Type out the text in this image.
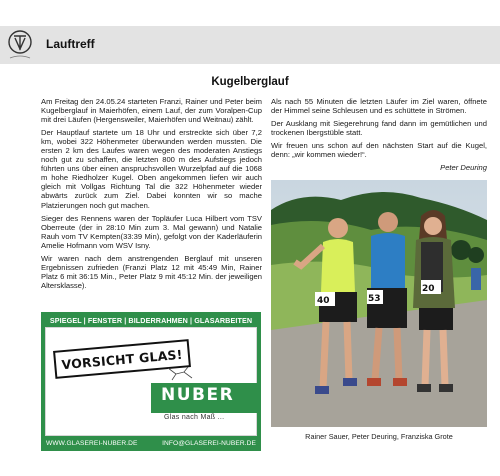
Lauftreff
Kugelberglauf

Am Freitag den 24.05.24 starteten Franzi, Rainer und Peter beim Kugelberglauf in Maierhöfen, einem Lauf, der zum Voralpen-Cup mit drei Läufen (Hergensweiler, Maierhöfen und Weitnau) zählt.

Der Hauptlauf startete um 18 Uhr und erstreckte sich über 7,2 km, wobei 322 Höhenmeter überwunden werden mussten. Die ersten 2 km des Laufes waren wegen des moderaten Anstiegs noch gut zu schaffen, die letzten 800 m des Aufstiegs jedoch führten uns über einen anspruchsvollen Wurzelpfad auf die 1068 m hohe Riedholzer Kugel. Oben angekommen liefen wir auch gleich mit Vollgas Richtung Tal die 322 Höhenmeter wieder abwärts zurück zum Ziel. Dabei konnten wir so mache Platzierungen noch gut machen.

Sieger des Rennens waren der Topläufer Luca Hilbert vom TSV Oberreute (der in 28:10 Min zum 3. Mal gewann) und Natalie Rauh vom TV Kempten(33:39 Min), gefolgt von der Kaderläuferin Amelie Hofmann vom WSV Isny.

Wir waren nach dem anstrengenden Berglauf mit unseren Ergebnissen zufrieden (Franzi Platz 12 mit 45:49 Min, Rainer Platz 6 mit 36:15 Min., Peter Platz 9 mit 45:12 Min. der jeweiligen Altersklasse).

Als nach 55 Minuten die letzten Läufer im Ziel waren, öffnete der Himmel seine Schleusen und es schüttete in Strömen.

Der Ausklang mit Siegerehrung fand dann im gemütlichen und trockenen Ibergstüble statt.

Wir freuen uns schon auf den nächsten Start auf die Kugel, denn: „wir kommen wieder!“.

Peter Deuring

SPIEGEL | FENSTER | BILDERRAHMEN | GLASARBEITEN
VORSICHT GLAS!
NUBER
Glas nach Maß ...
HEURIEDWEG 69	88131 LINDAU	TEL: 08382/7190
WWW.GLASEREI-NUBER.DE	INFO@GLASEREI-NUBER.DE
40	53
20
Rainer Sauer, Peter Deuring, Franziska Grote
